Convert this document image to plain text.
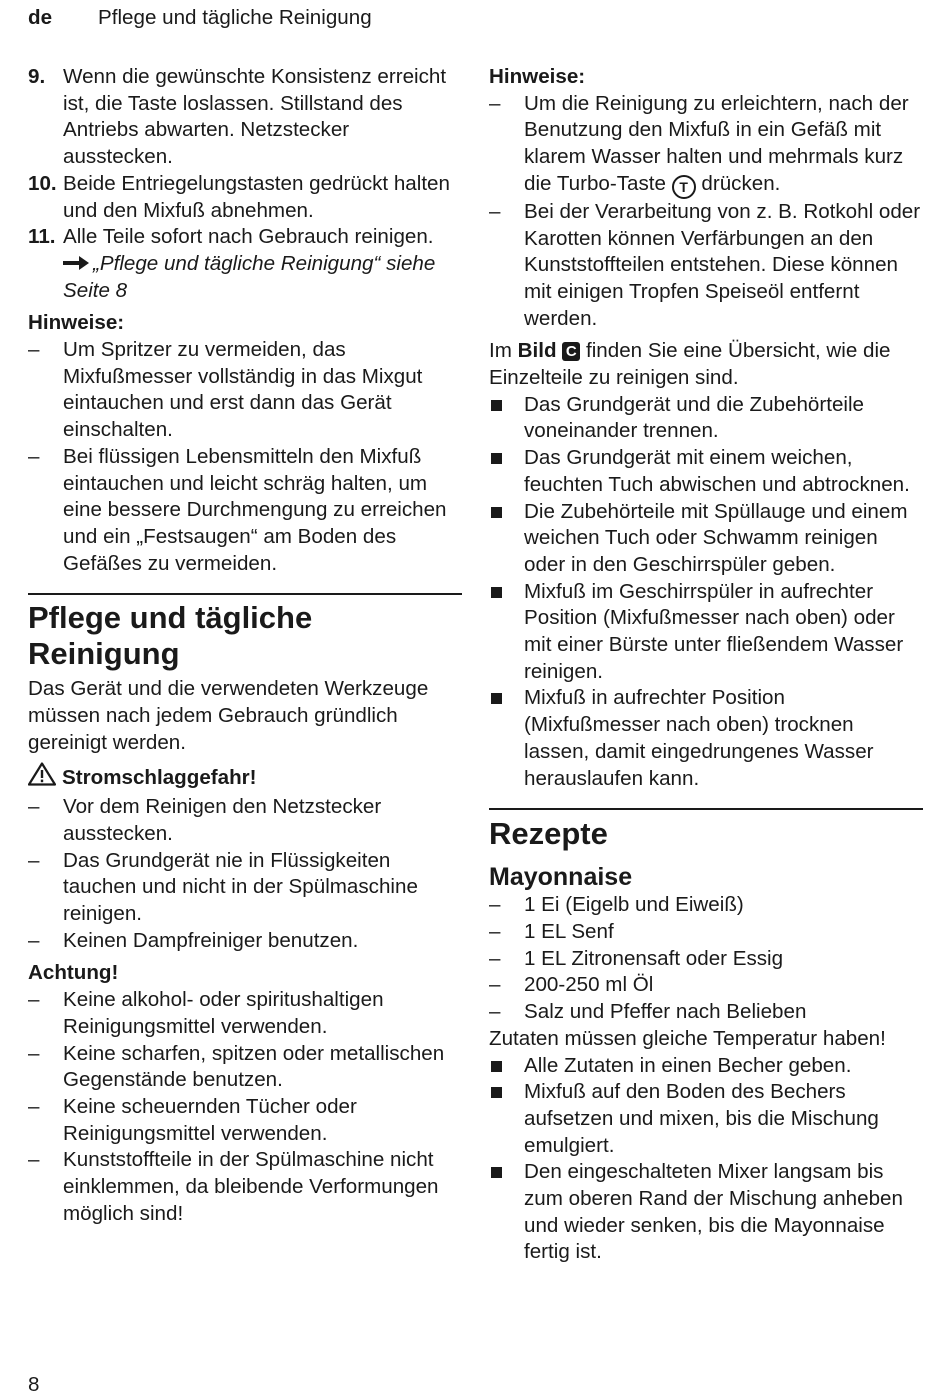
de Pflege und tägliche Reinigung
9. Wenn die gewünschte Konsistenz erreicht ist, die Taste loslassen. Stillstand des Antriebs abwarten. Netzstecker ausstecken.
10. Beide Entriegelungstasten gedrückt halten und den Mixfuß abnehmen.
11. Alle Teile sofort nach Gebrauch reinigen.
„Pflege und tägliche Reinigung“ siehe Seite 8
Hinweise:
–	Um Spritzer zu vermeiden, das Mixfußmesser vollständig in das Mixgut eintauchen und erst dann das Gerät einschalten.
–	Bei flüssigen Lebensmitteln den Mixfuß eintauchen und leicht schräg halten, um eine bessere Durchmengung zu erreichen und ein „Festsaugen“ am Boden des Gefäßes zu vermeiden.
Pflege und tägliche Reinigung
Das Gerät und die verwendeten Werkzeuge müssen nach jedem Gebrauch gründlich gereinigt werden.
Stromschlaggefahr!
–	Vor dem Reinigen den Netzstecker ausstecken.
–	Das Grundgerät nie in Flüssigkeiten tauchen und nicht in der Spülmaschine reinigen.
–	Keinen Dampfreiniger benutzen.
Achtung!
–	Keine alkohol- oder spiritushaltigen Reinigungsmittel verwenden.
–	Keine scharfen, spitzen oder metallischen Gegenstände benutzen.
–	Keine scheuernden Tücher oder Reinigungsmittel verwenden.
–	Kunststoffteile in der Spülmaschine nicht einklemmen, da bleibende Verformungen möglich sind!
Hinweise:
–	Um die Reinigung zu erleichtern, nach der Benutzung den Mixfuß in ein Gefäß mit klarem Wasser halten und mehrmals kurz die Turbo-Taste T drücken.
–	Bei der Verarbeitung von z. B. Rotkohl oder Karotten können Verfärbungen an den Kunststoffteilen entstehen. Diese können mit einigen Tropfen Speiseöl entfernt werden.
Im Bild C finden Sie eine Übersicht, wie die Einzelteile zu reinigen sind.
Das Grundgerät und die Zubehörteile voneinander trennen.
Das Grundgerät mit einem weichen, feuchten Tuch abwischen und abtrocknen.
Die Zubehörteile mit Spüllauge und einem weichen Tuch oder Schwamm reinigen oder in den Geschirrspüler geben.
Mixfuß im Geschirrspüler in aufrechter Position (Mixfußmesser nach oben) oder mit einer Bürste unter fließendem Wasser reinigen.
Mixfuß in aufrechter Position (Mixfußmesser nach oben) trocknen lassen, damit eingedrungenes Wasser herauslaufen kann.
Rezepte
Mayonnaise
–	1 Ei (Eigelb und Eiweiß)
–	1 EL Senf
–	1 EL Zitronensaft oder Essig
–	200-250 ml Öl
–	Salz und Pfeffer nach Belieben
Zutaten müssen gleiche Temperatur haben!
Alle Zutaten in einen Becher geben.
Mixfuß auf den Boden des Bechers aufsetzen und mixen, bis die Mischung emulgiert.
Den eingeschalteten Mixer langsam bis zum oberen Rand der Mischung anheben und wieder senken, bis die Mayonnaise fertig ist.
8
